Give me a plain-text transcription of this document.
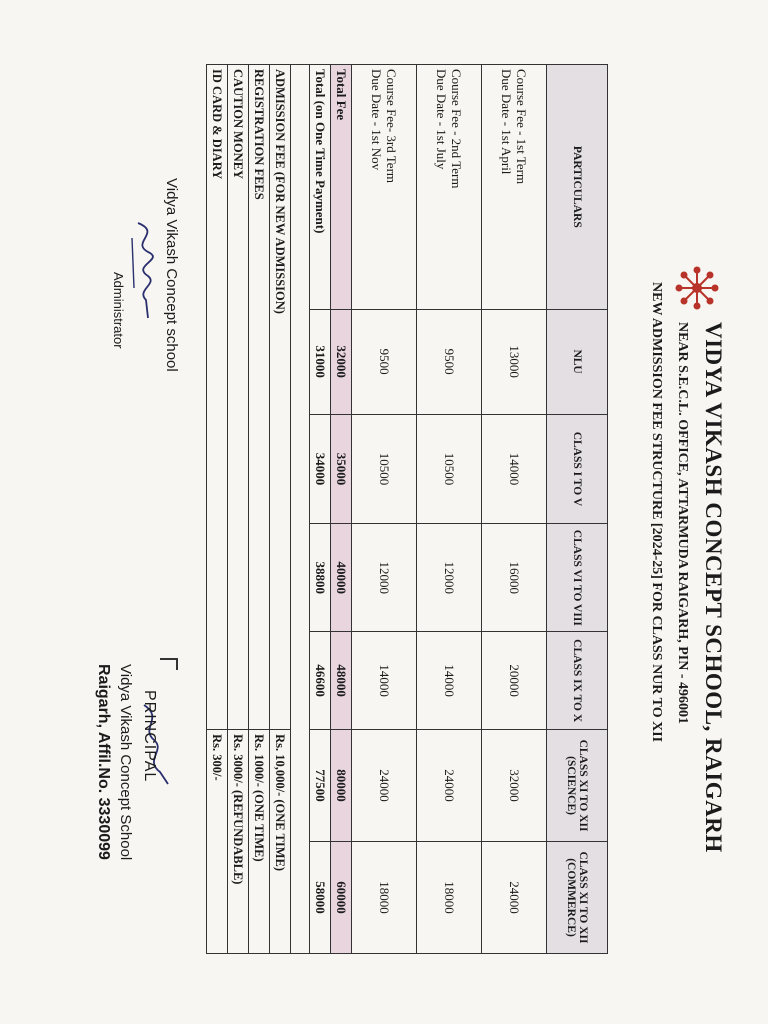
VIDYA VIKASH CONCEPT SCHOOL, RAIGARH
NEAR S.E.C.L. OFFICE, ATTARMUDA RAIGARH, PIN - 496001
NEW ADMISSION FEE STRUCTURE [2024-25] FOR CLASS NUR TO XII
PARTICULARS	NLU	CLASS I TO V	CLASS VI TO VIII	CLASS IX TO X	CLASS XI TO XII (SCIENCE)	CLASS XI TO XII (COMMERCE)

Course Fee - 1st Term
Due Date - 1st April	13000	14000	16000	20000	32000	24000

Course Fee - 2nd Term
Due Date - 1st July	9500	10500	12000	14000	24000	18000

Course Fee- 3rd Term
Due Date - 1st Nov	9500	10500	12000	14000	24000	18000
Total Fee	32000	35000	40000	48000	80000	60000
Total (on One Time Payment)	31000	34000	38800	46600	77500	58000

ADMISSION FEE (FOR NEW ADMISSION)					Rs. 10,000/- (ONE TIME)	
REGISTRATION FEES					Rs. 1000/- (ONE TIME)	
CAUTION MONEY					Rs. 3000/- (REFUNDABLE)	
ID CARD & DIARY					Rs. 300/-	
Vidya Vikash Concept school
Administrator
PRINCIPAL
Vidya Vikash Concept School
Raigarh, Affil.No. 3330099
